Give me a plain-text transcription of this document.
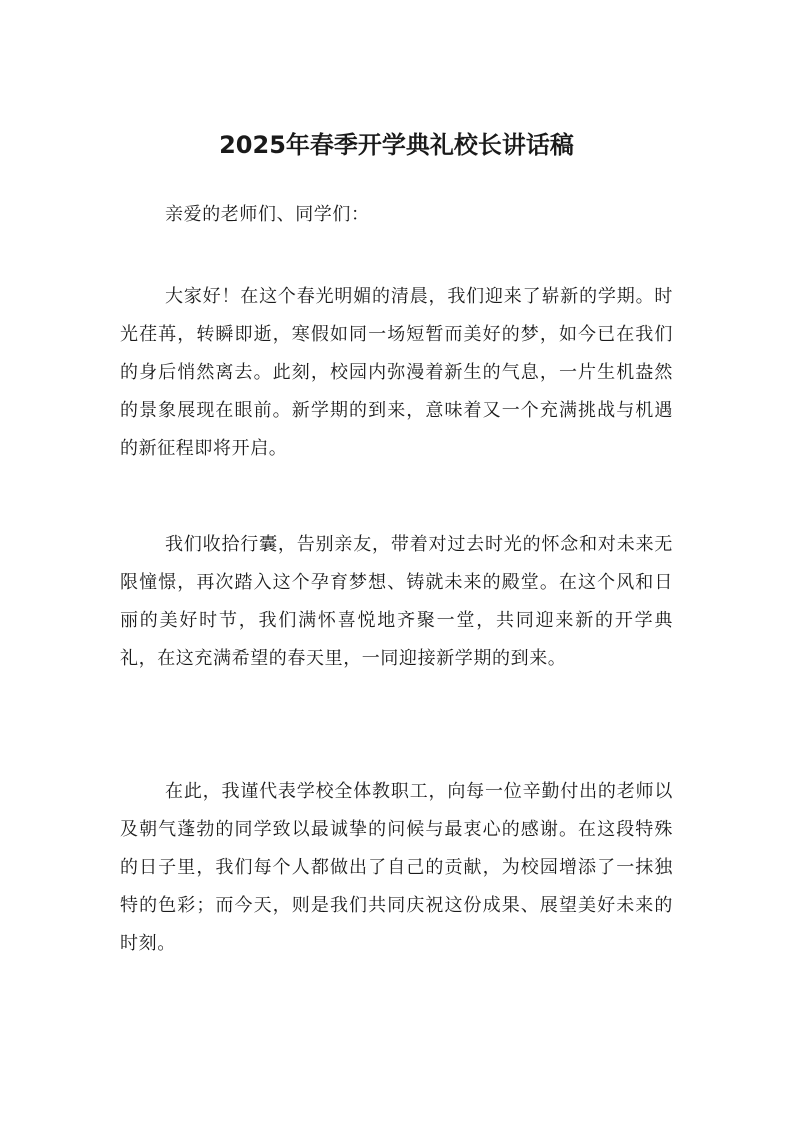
2025年春季开学典礼校长讲话稿

亲爱的老师们、同学们：

大家好！在这个春光明媚的清晨，我们迎来了崭新的学期。时光荏苒，转瞬即逝，寒假如同一场短暂而美好的梦，如今已在我们的身后悄然离去。此刻，校园内弥漫着新生的气息，一片生机盎然的景象展现在眼前。新学期的到来，意味着又一个充满挑战与机遇的新征程即将开启。

我们收拾行囊，告别亲友，带着对过去时光的怀念和对未来无限憧憬，再次踏入这个孕育梦想、铸就未来的殿堂。在这个风和日丽的美好时节，我们满怀喜悦地齐聚一堂，共同迎来新的开学典礼，在这充满希望的春天里，一同迎接新学期的到来。

在此，我谨代表学校全体教职工，向每一位辛勤付出的老师以及朝气蓬勃的同学致以最诚挚的问候与最衷心的感谢。在这段特殊的日子里，我们每个人都做出了自己的贡献，为校园增添了一抹独特的色彩；而今天，则是我们共同庆祝这份成果、展望美好未来的时刻。
